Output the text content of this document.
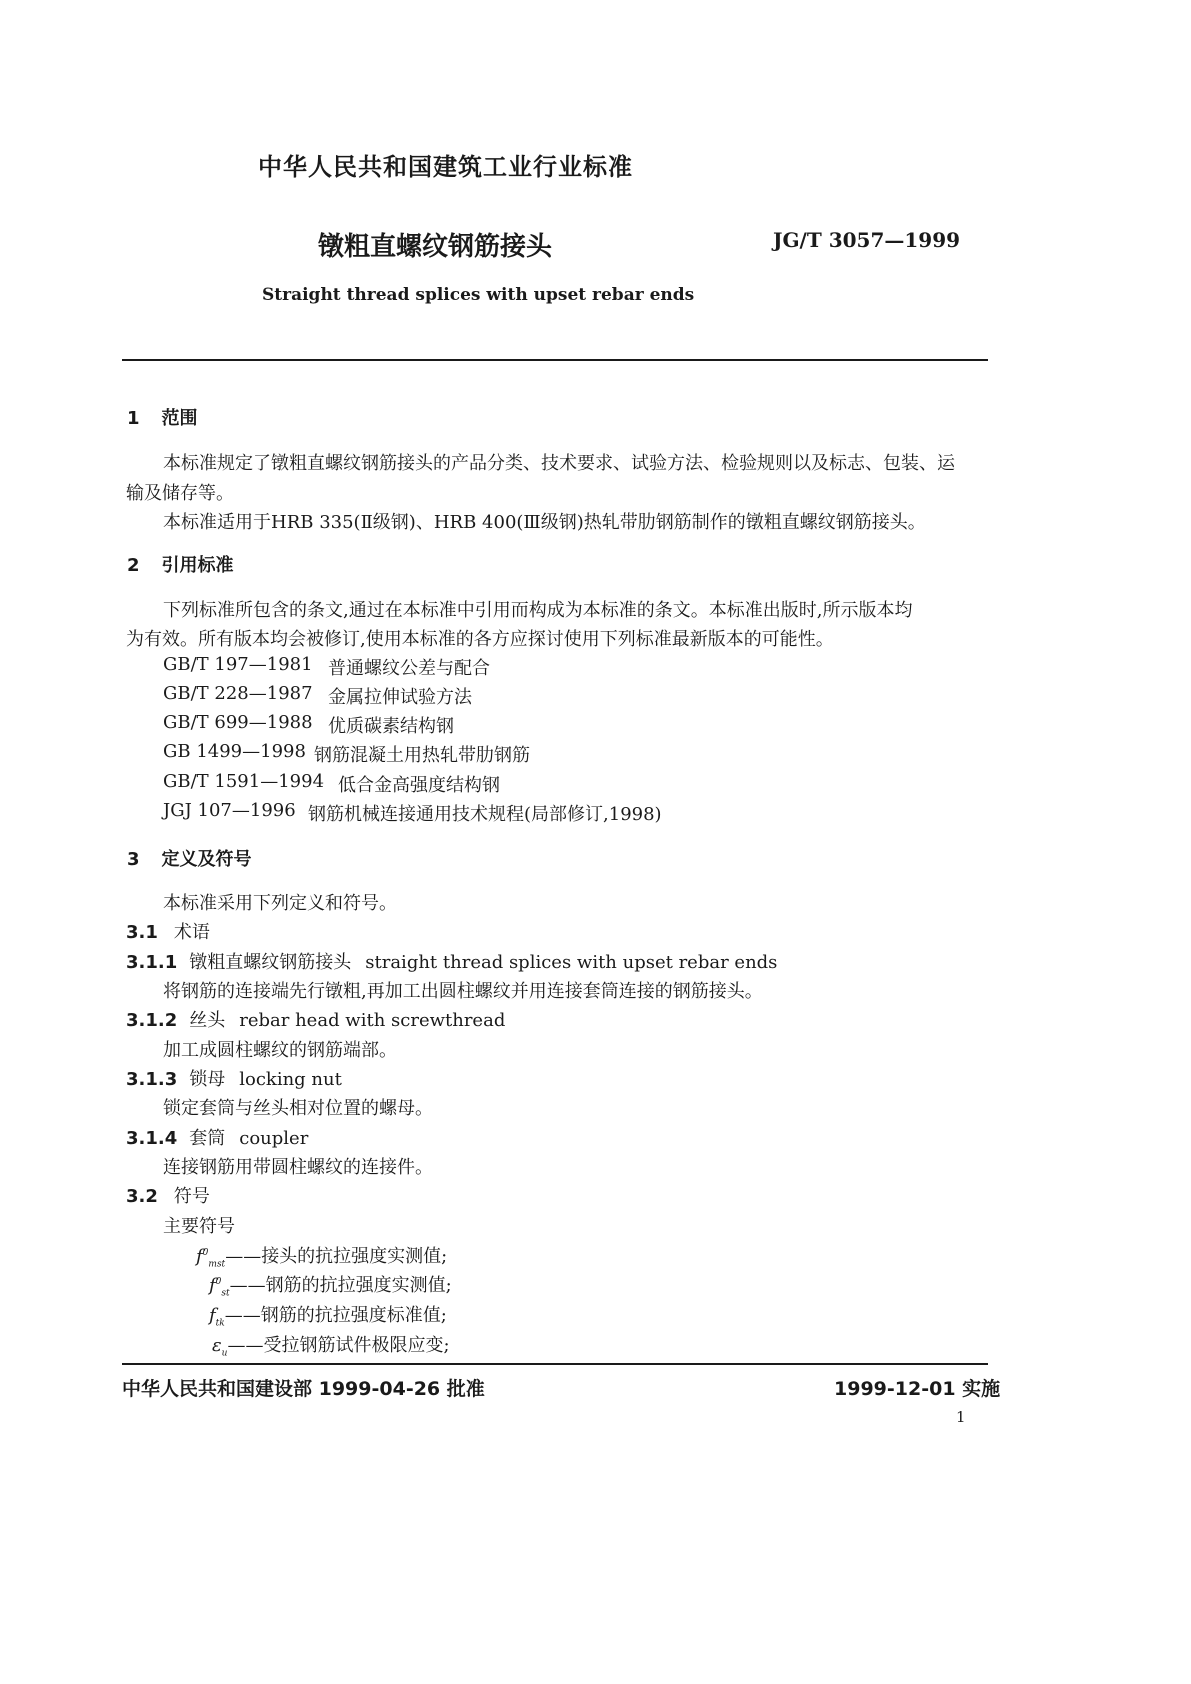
中华人民共和国建筑工业行业标准
镦粗直螺纹钢筋接头	JG/T 3057—1999
Straight thread splices with upset rebar ends
1 范围
本标准规定了镦粗直螺纹钢筋接头的产品分类、技术要求、试验方法、检验规则以及标志、包装、运
输及储存等。
本标准适用于HRB 335(Ⅱ级钢)、HRB 400(Ⅲ级钢)热轧带肋钢筋制作的镦粗直螺纹钢筋接头。
2 引用标准
下列标准所包含的条文,通过在本标准中引用而构成为本标准的条文。本标准出版时,所示版本均
为有效。所有版本均会被修订,使用本标准的各方应探讨使用下列标准最新版本的可能性。
GB/T 197—1981 普通螺纹公差与配合
GB/T 228—1987 金属拉伸试验方法
GB/T 699—1988 优质碳素结构钢
GB 1499—1998 钢筋混凝土用热轧带肋钢筋
GB/T 1591—1994 低合金高强度结构钢
JGJ 107—1996 钢筋机械连接通用技术规程(局部修订,1998)
3 定义及符号
本标准采用下列定义和符号。
3.1 术语
3.1.1 镦粗直螺纹钢筋接头 straight thread splices with upset rebar ends
将钢筋的连接端先行镦粗,再加工出圆柱螺纹并用连接套筒连接的钢筋接头。
3.1.2 丝头 rebar head with screwthread
加工成圆柱螺纹的钢筋端部。
3.1.3 锁母 locking nut
锁定套筒与丝头相对位置的螺母。
3.1.4 套筒 coupler
连接钢筋用带圆柱螺纹的连接件。
3.2 符号
主要符号
$f^0_{mst}——$接头的抗拉强度实测值;
$f^0_{st}——$钢筋的抗拉强度实测值;
$f_{tk}——$钢筋的抗拉强度标准值;
$\varepsilon_u——$受拉钢筋试件极限应变;
中华人民共和国建设部 1999-04-26 批准	1999-12-01 实施
1
